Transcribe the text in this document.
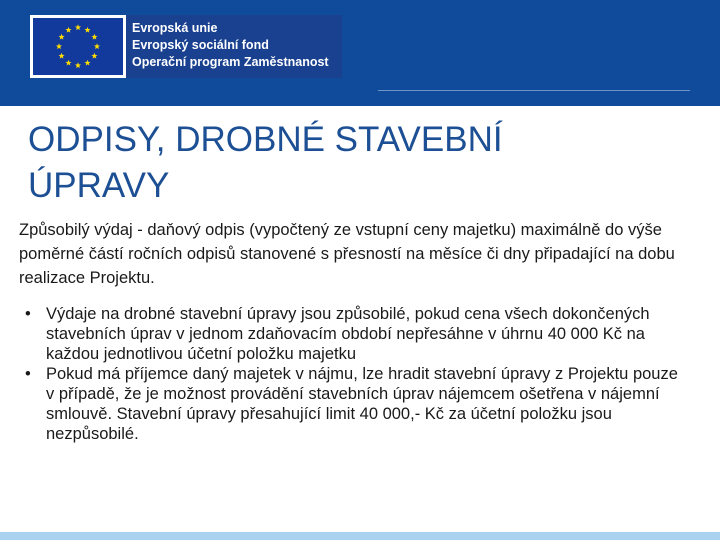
Evropská unie
Evropský sociální fond
Operační program Zaměstnanost
ODPISY, DROBNÉ STAVEBNÍ
ÚPRAVY

Způsobilý výdaj - daňový odpis (vypočtený ze vstupní ceny majetku) maximálně do výše poměrné částí ročních odpisů stanovené s přesností na měsíce či dny připadající na dobu realizace Projektu.

• Výdaje na drobné stavební úpravy jsou způsobilé, pokud cena všech dokončených stavebních úprav v jednom zdaňovacím období nepřesáhne v úhrnu 40 000 Kč na každou jednotlivou účetní položku majetku
• Pokud má příjemce daný majetek v nájmu, lze hradit stavební úpravy z Projektu pouze v případě, že je možnost provádění stavebních úprav nájemcem ošetřena v nájemní smlouvě. Stavební úpravy přesahující limit 40 000,- Kč za účetní položku jsou nezpůsobilé.
